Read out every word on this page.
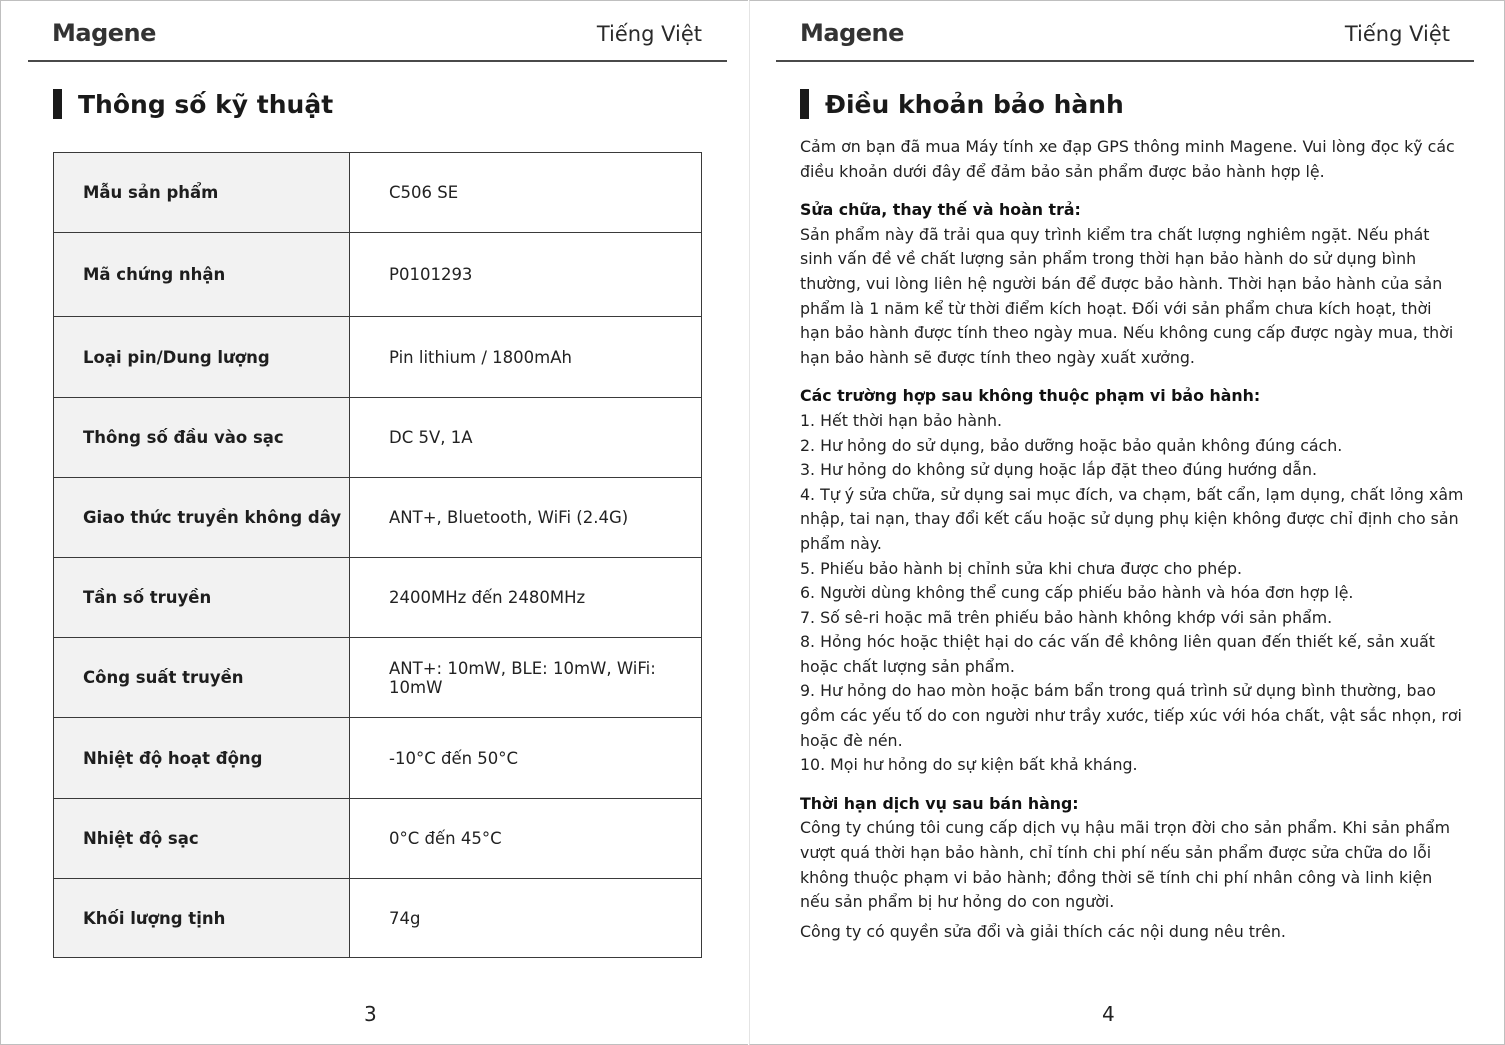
Magene	Tiếng Việt
Thông số kỹ thuật
Mẫu sản phẩm	C506 SE
Mã chứng nhận	P0101293
Loại pin/Dung lượng	Pin lithium / 1800mAh
Thông số đầu vào sạc	DC 5V, 1A
Giao thức truyền không dây	ANT+, Bluetooth, WiFi (2.4G)
Tần số truyền	2400MHz đến 2480MHz
Công suất truyền	ANT+: 10mW, BLE: 10mW, WiFi: 10mW
Nhiệt độ hoạt động	-10°C đến 50°C
Nhiệt độ sạc	0°C đến 45°C
Khối lượng tịnh	74g
3
Magene	Tiếng Việt
Điều khoản bảo hành

Cảm ơn bạn đã mua Máy tính xe đạp GPS thông minh Magene. Vui lòng đọc kỹ các điều khoản dưới đây để đảm bảo sản phẩm được bảo hành hợp lệ.

Sửa chữa, thay thế và hoàn trả:

Sản phẩm này đã trải qua quy trình kiểm tra chất lượng nghiêm ngặt. Nếu phát sinh vấn đề về chất lượng sản phẩm trong thời hạn bảo hành do sử dụng bình thường, vui lòng liên hệ người bán để được bảo hành. Thời hạn bảo hành của sản phẩm là 1 năm kể từ thời điểm kích hoạt. Đối với sản phẩm chưa kích hoạt, thời hạn bảo hành được tính theo ngày mua. Nếu không cung cấp được ngày mua, thời hạn bảo hành sẽ được tính theo ngày xuất xưởng.

Các trường hợp sau không thuộc phạm vi bảo hành:

1. Hết thời hạn bảo hành.

2. Hư hỏng do sử dụng, bảo dưỡng hoặc bảo quản không đúng cách.

3. Hư hỏng do không sử dụng hoặc lắp đặt theo đúng hướng dẫn.

4. Tự ý sửa chữa, sử dụng sai mục đích, va chạm, bất cẩn, lạm dụng, chất lỏng xâm nhập, tai nạn, thay đổi kết cấu hoặc sử dụng phụ kiện không được chỉ định cho sản phẩm này.

5. Phiếu bảo hành bị chỉnh sửa khi chưa được cho phép.

6. Người dùng không thể cung cấp phiếu bảo hành và hóa đơn hợp lệ.

7. Số sê-ri hoặc mã trên phiếu bảo hành không khớp với sản phẩm.

8. Hỏng hóc hoặc thiệt hại do các vấn đề không liên quan đến thiết kế, sản xuất hoặc chất lượng sản phẩm.

9. Hư hỏng do hao mòn hoặc bám bẩn trong quá trình sử dụng bình thường, bao gồm các yếu tố do con người như trầy xước, tiếp xúc với hóa chất, vật sắc nhọn, rơi hoặc đè nén.

10. Mọi hư hỏng do sự kiện bất khả kháng.

Thời hạn dịch vụ sau bán hàng:

Công ty chúng tôi cung cấp dịch vụ hậu mãi trọn đời cho sản phẩm. Khi sản phẩm vượt quá thời hạn bảo hành, chỉ tính chi phí nếu sản phẩm được sửa chữa do lỗi không thuộc phạm vi bảo hành; đồng thời sẽ tính chi phí nhân công và linh kiện nếu sản phẩm bị hư hỏng do con người.

Công ty có quyền sửa đổi và giải thích các nội dung nêu trên.

4
